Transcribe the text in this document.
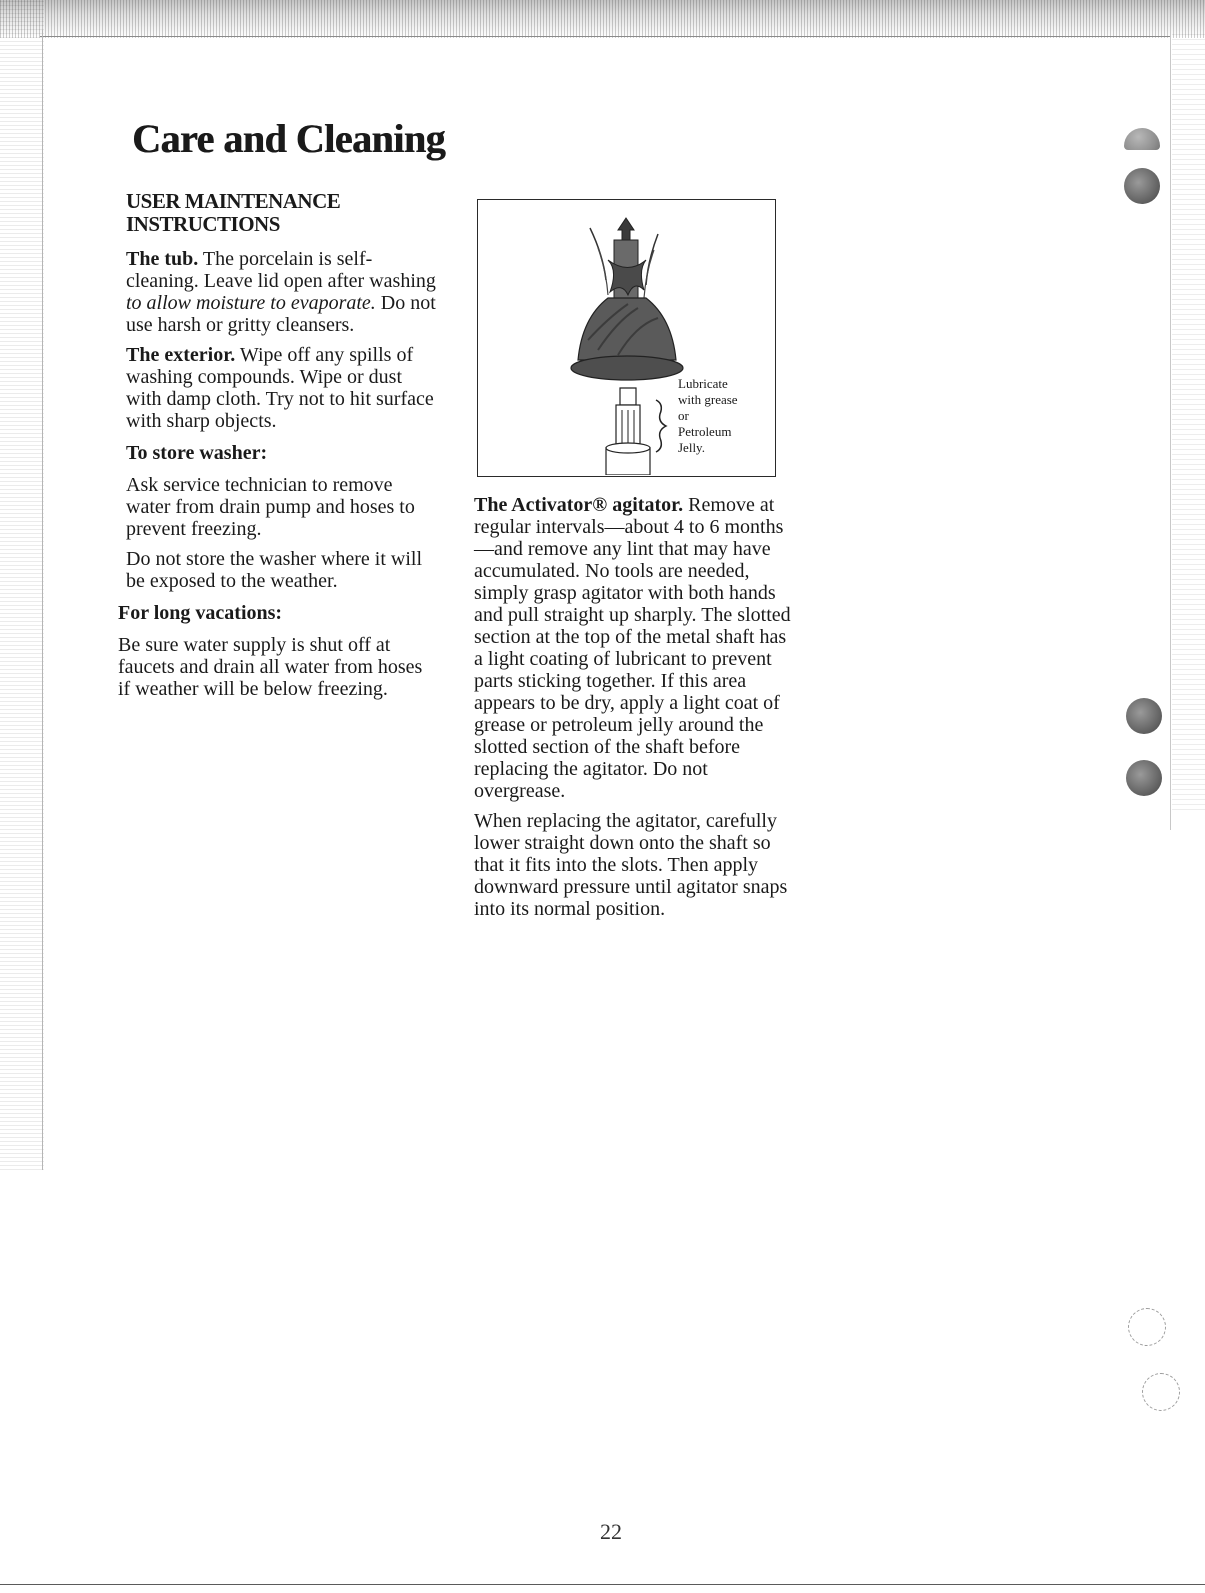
Care and Cleaning
USER MAINTENANCE INSTRUCTIONS

The tub. The porcelain is self-cleaning. Leave lid open after washing to allow moisture to evaporate. Do not use harsh or gritty cleansers.

The exterior. Wipe off any spills of washing compounds. Wipe or dust with damp cloth. Try not to hit surface with sharp objects.

To store washer:

Ask service technician to remove water from drain pump and hoses to prevent freezing.

Do not store the washer where it will be exposed to the weather.

For long vacations:

Be sure water supply is shut off at faucets and drain all water from hoses if weather will be below freezing.

Lubricate
with grease
or
Petroleum
Jelly.

The Activator® agitator. Remove at regular intervals—about 4 to 6 months—and remove any lint that may have accumulated. No tools are needed, simply grasp agitator with both hands and pull straight up sharply. The slotted section at the top of the metal shaft has a light coating of lubricant to prevent parts sticking together. If this area appears to be dry, apply a light coat of grease or petroleum jelly around the slotted section of the shaft before replacing the agitator. Do not overgrease.

When replacing the agitator, carefully lower straight down onto the shaft so that it fits into the slots. Then apply downward pressure until agitator snaps into its normal position.

22
